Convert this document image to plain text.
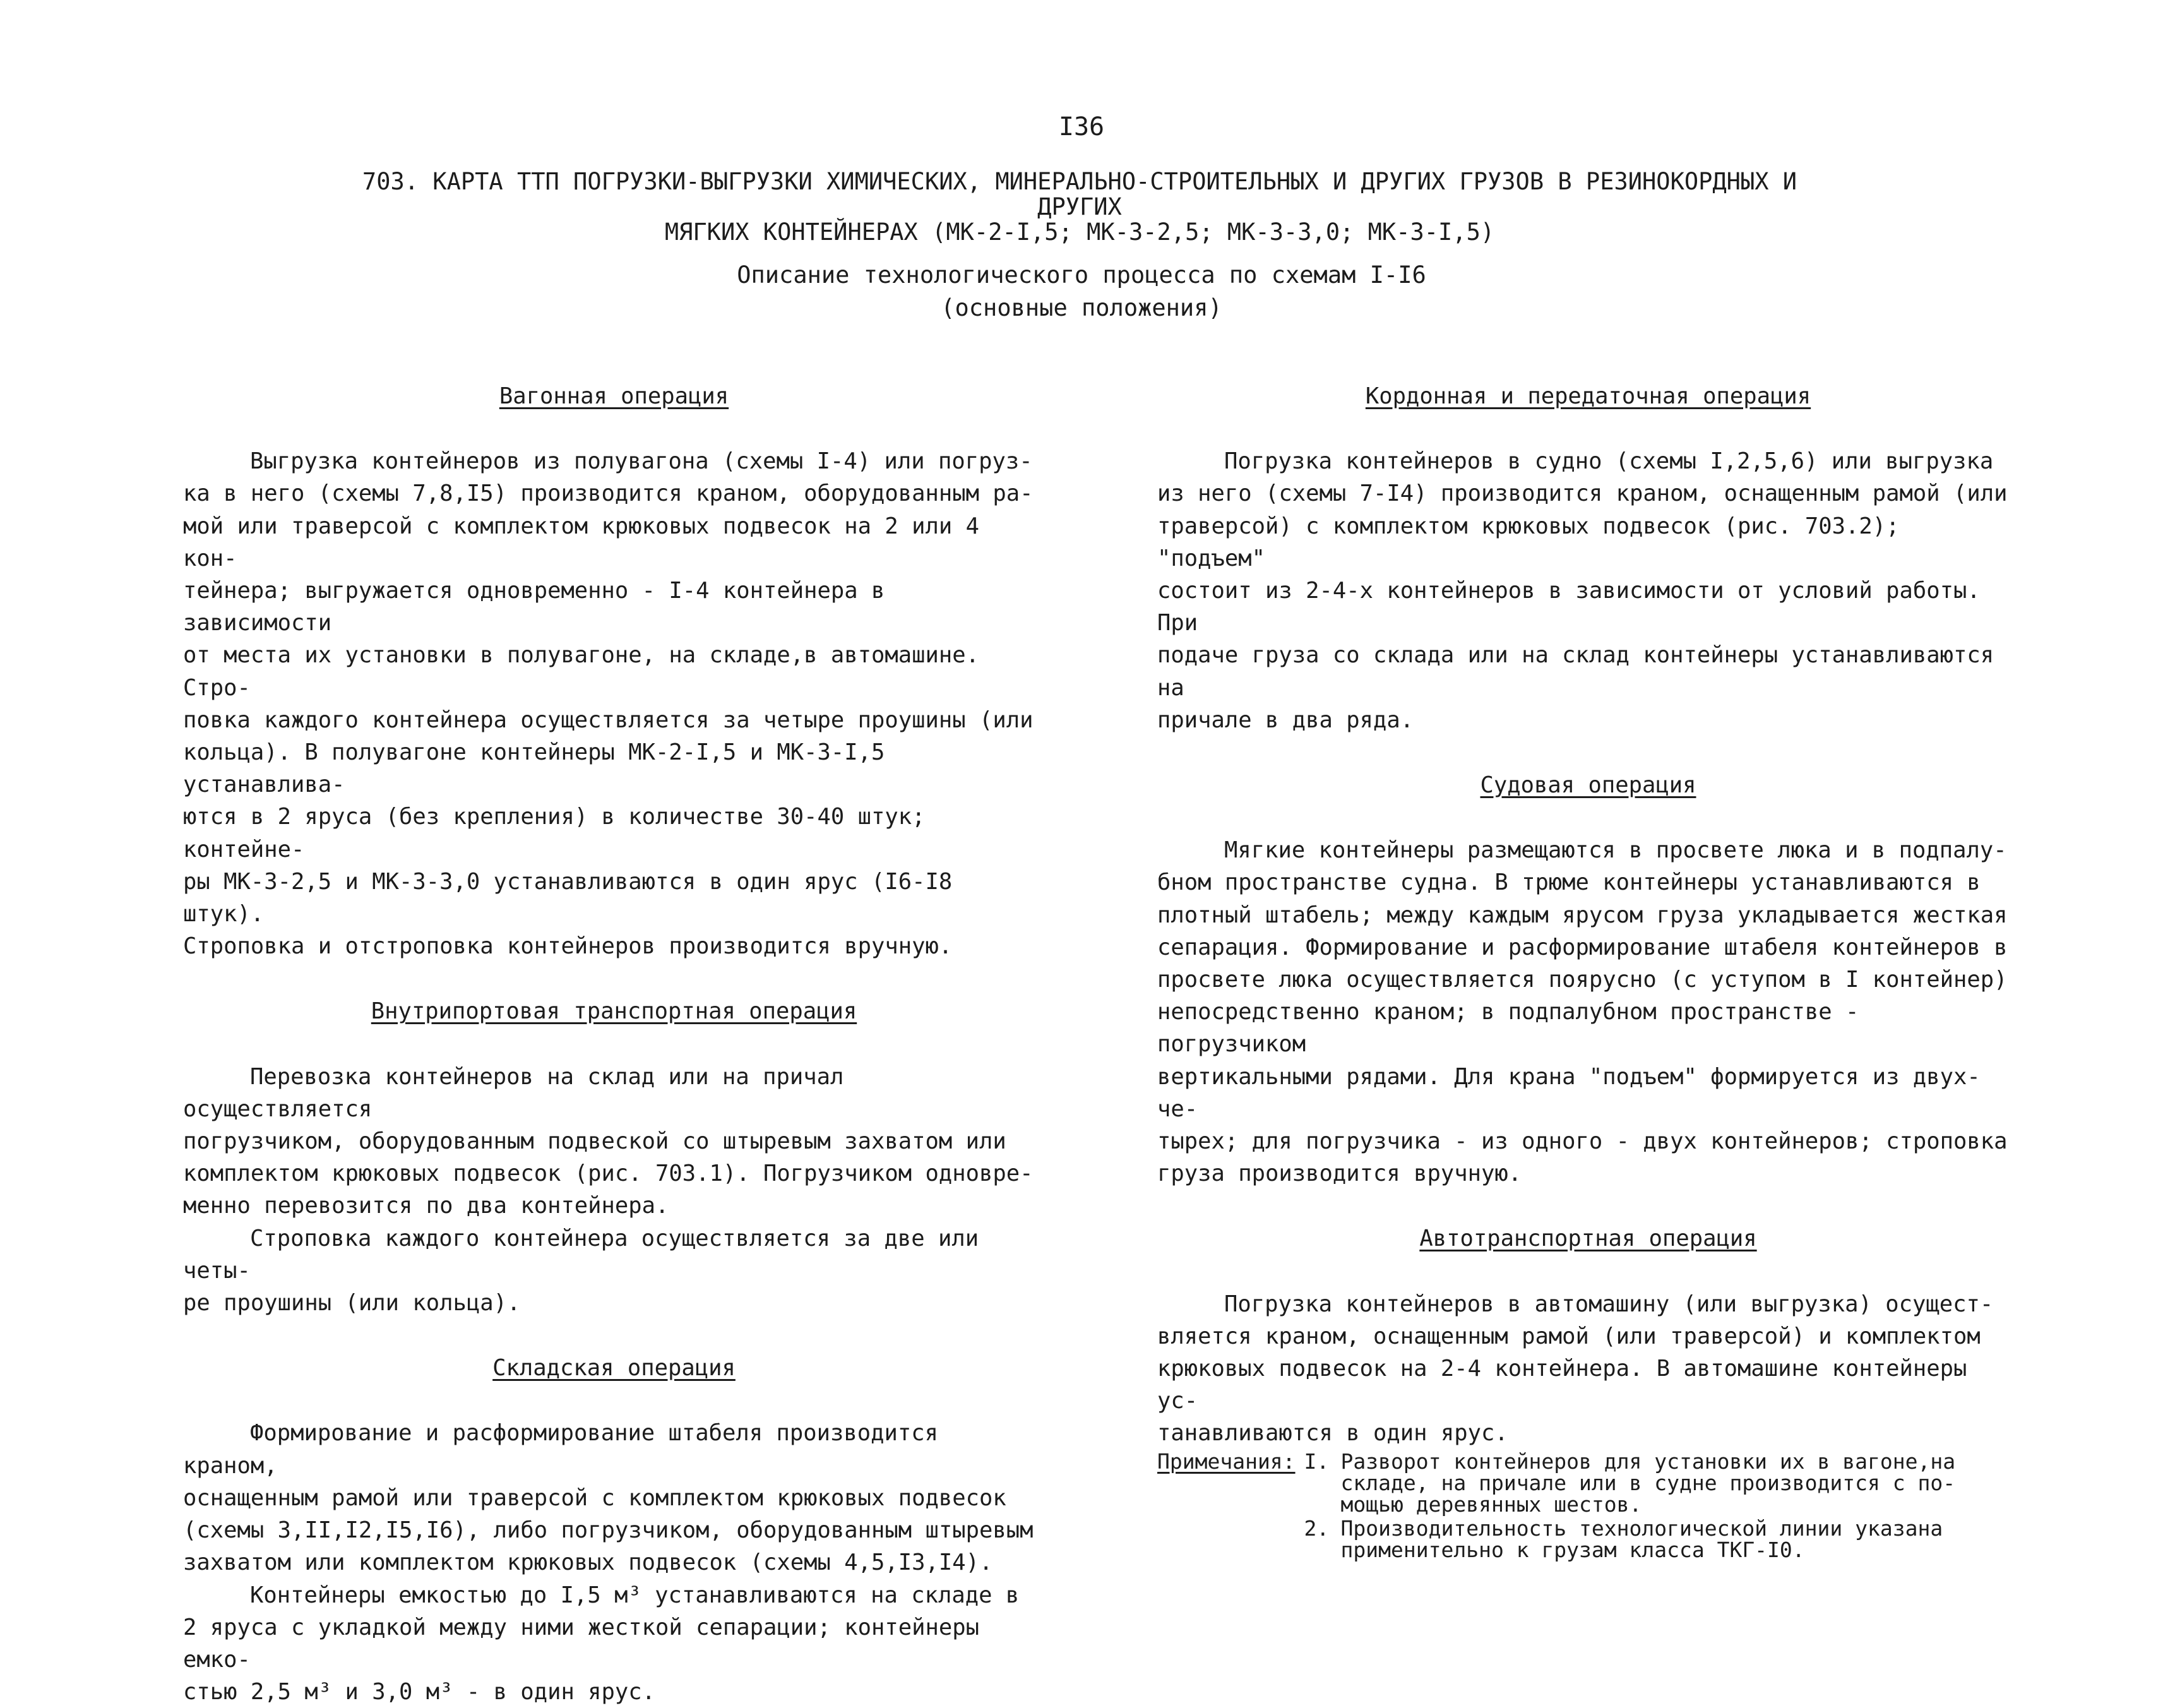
I36
703. КАРТА ТТП ПОГРУЗКИ-ВЫГРУЗКИ ХИМИЧЕСКИХ, МИНЕРАЛЬНО-СТРОИТЕЛЬНЫХ И ДРУГИХ ГРУЗОВ В РЕЗИНОКОРДНЫХ И ДРУГИХ
МЯГКИХ КОНТЕЙНЕРАХ (МК-2-I,5; МК-3-2,5; МК-3-3,0; МК-3-I,5)
Описание технологического процесса по схемам I-I6
(основные положения)

Вагонная операция

Выгрузка контейнеров из полувагона (схемы I-4) или погруз-
ка в него (схемы 7,8,I5) производится краном, оборудованным ра-
мой или траверсой с комплектом крюковых подвесок на 2 или 4 кон-
тейнера; выгружается одновременно - I-4 контейнера в зависимости
от места их установки в полувагоне, на складе,в автомашине. Стро-
повка каждого контейнера осуществляется за четыре проушины (или
кольца). В полувагоне контейнеры МК-2-I,5 и МК-3-I,5 устанавлива-
ются в 2 яруса (без крепления) в количестве 30-40 штук; контейне-
ры МК-3-2,5 и МК-3-3,0 устанавливаются в один ярус (I6-I8 штук).
Строповка и отстроповка контейнеров производится вручную.

Внутрипортовая транспортная операция

Перевозка контейнеров на склад или на причал осуществляется
погрузчиком, оборудованным подвеской со штыревым захватом или
комплектом крюковых подвесок (рис. 703.1). Погрузчиком одновре-
менно перевозится по два контейнера.

Строповка каждого контейнера осуществляется за две или четы-
ре проушины (или кольца).

Складская операция

Формирование и расформирование штабеля производится краном,
оснащенным рамой или траверсой с комплектом крюковых подвесок
(схемы 3,II,I2,I5,I6), либо погрузчиком, оборудованным штыревым
захватом или комплектом крюковых подвесок (схемы 4,5,I3,I4).

Контейнеры емкостью до I,5 м³ устанавливаются на складе в
2 яруса с укладкой между ними жесткой сепарации; контейнеры емко-
стью 2,5 м³ и 3,0 м³ - в один ярус.

Кордонная и передаточная операция

Погрузка контейнеров в судно (схемы I,2,5,6) или выгрузка
из него (схемы 7-I4) производится краном, оснащенным рамой (или
траверсой) с комплектом крюковых подвесок (рис. 703.2); "подъем"
состоит из 2-4-х контейнеров в зависимости от условий работы. При
подаче груза со склада или на склад контейнеры устанавливаются на
причале в два ряда.

Судовая операция

Мягкие контейнеры размещаются в просвете люка и в подпалу-
бном пространстве судна. В трюме контейнеры устанавливаются в
плотный штабель; между каждым ярусом груза укладывается жесткая
сепарация. Формирование и расформирование штабеля контейнеров в
просвете люка осуществляется поярусно (с уступом в I контейнер)
непосредственно краном; в подпалубном пространстве - погрузчиком
вертикальными рядами. Для крана "подъем" формируется из двух-че-
тырех; для погрузчика - из одного - двух контейнеров; строповка
груза производится вручную.

Автотранспортная операция

Погрузка контейнеров в автомашину (или выгрузка) осущест-
вляется краном, оснащенным рамой (или траверсой) и комплектом
крюковых подвесок на 2-4 контейнера. В автомашине контейнеры ус-
танавливаются в один ярус.

Примечания: I. Разворот контейнеров для установки их в вагоне,на
складе, на причале или в судне производится с по-
мощью деревянных шестов.
2. Производительность технологической линии указана
применительно к грузам класса ТКГ-I0.
